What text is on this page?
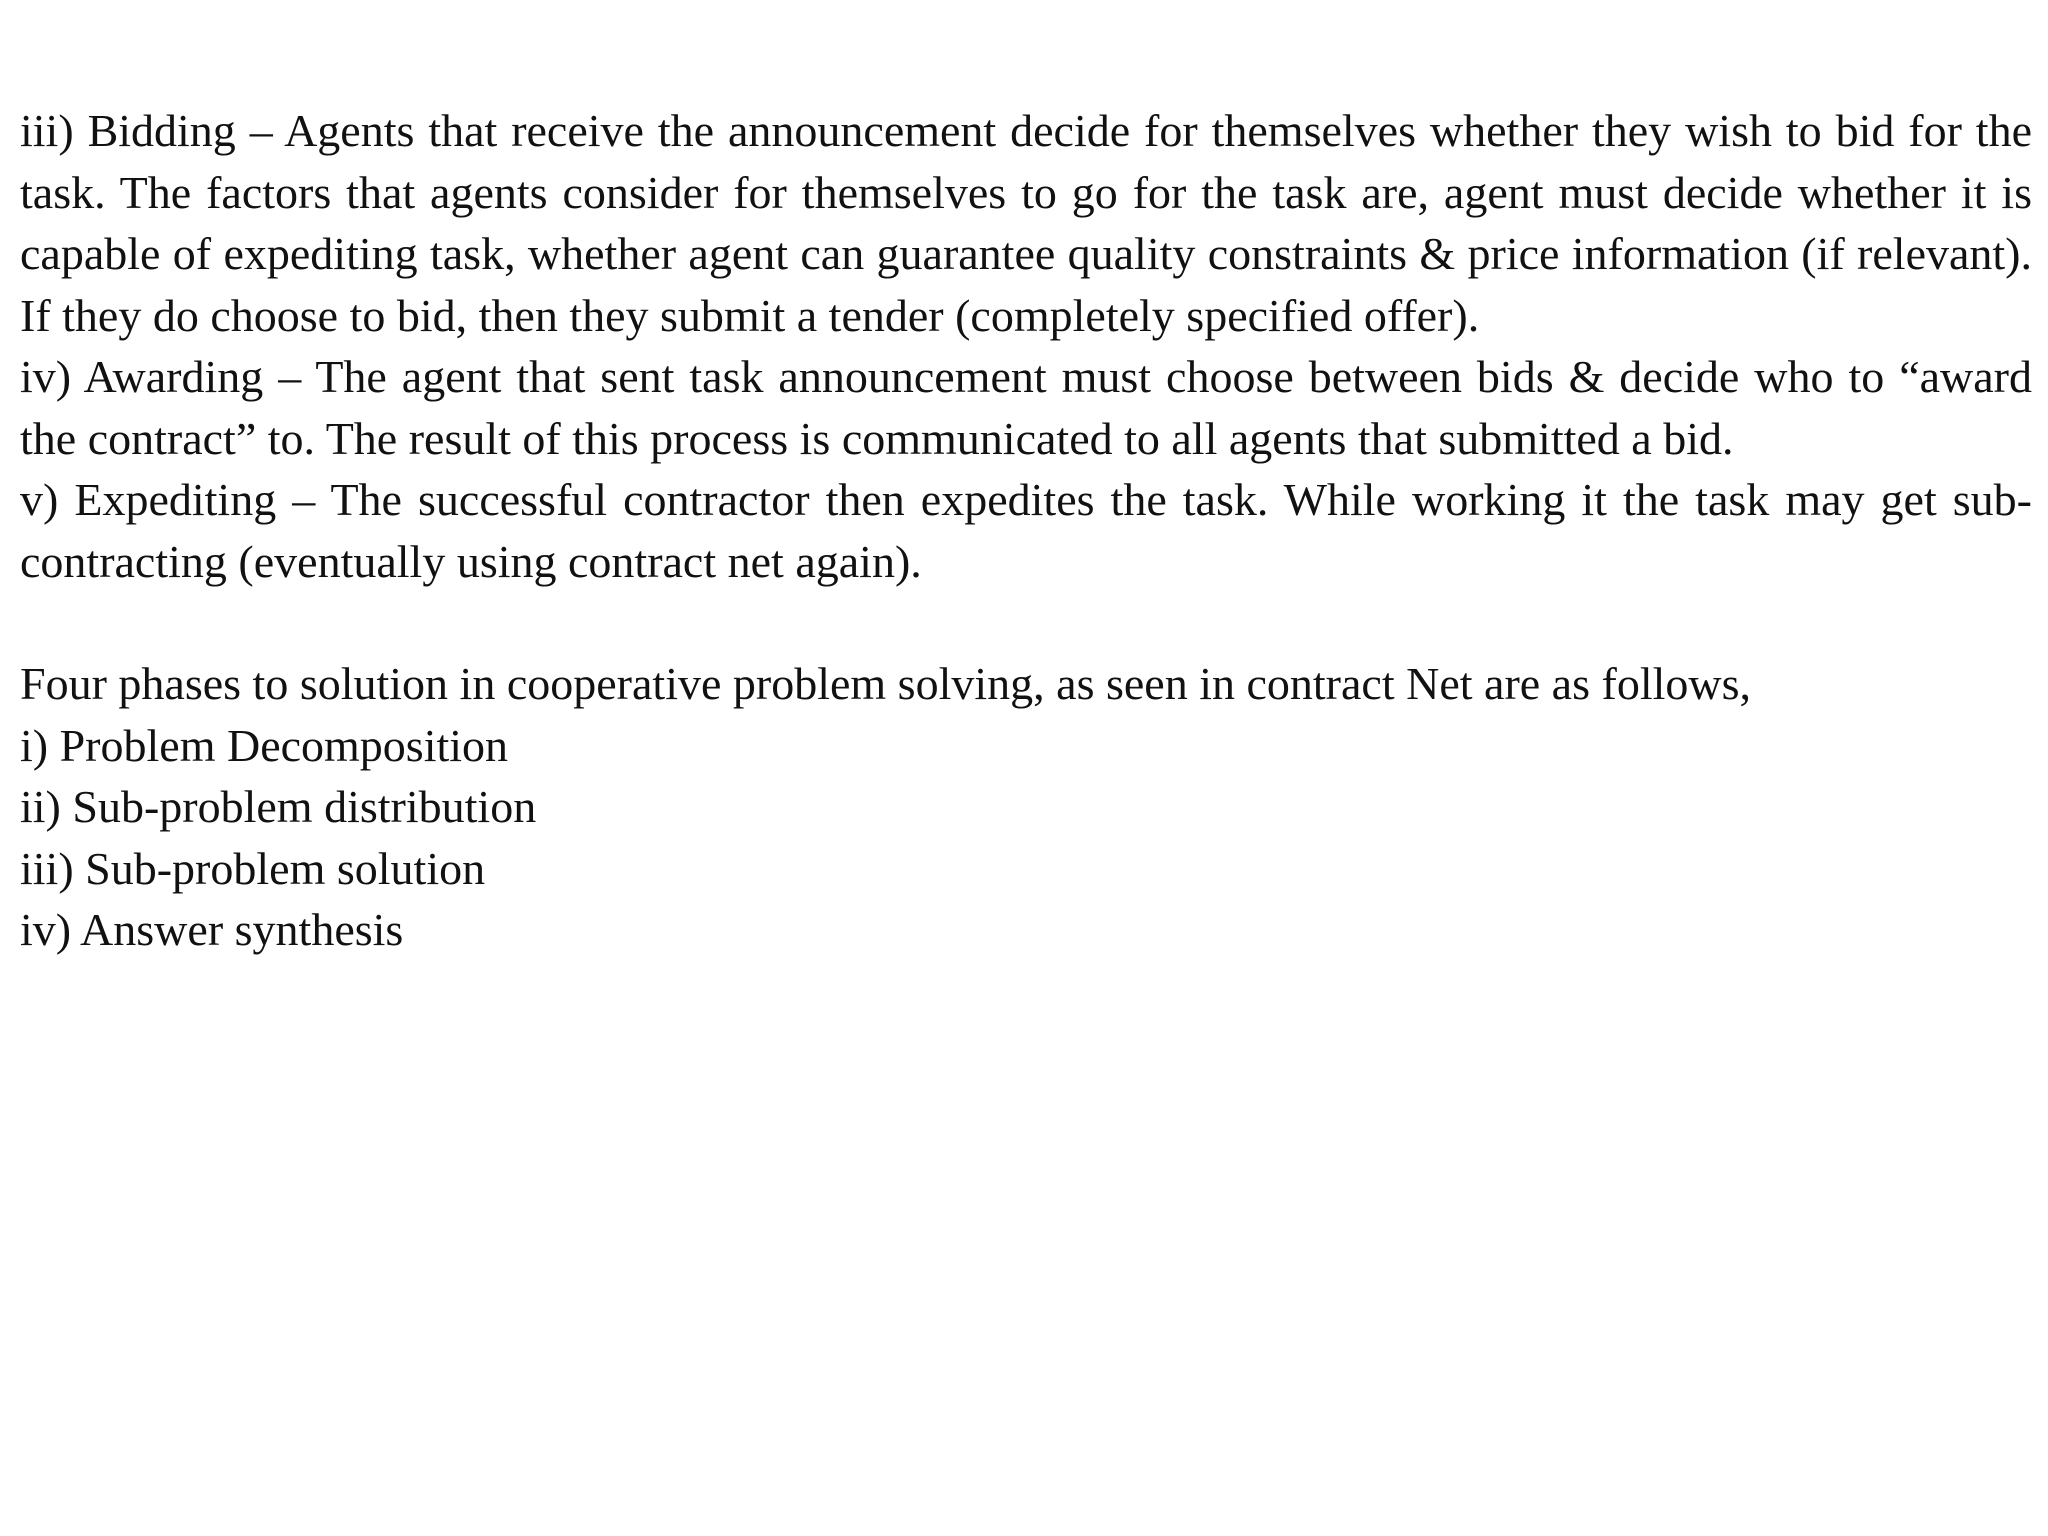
iii) Bidding – Agents that receive the announcement decide for themselves whether they wish to bid for the task. The factors that agents consider for themselves to go for the task are, agent must decide whether it is capable of expediting task, whether agent can guarantee quality constraints & price information (if relevant). If they do choose to bid, then they submit a tender (completely specified offer).

iv) Awarding – The agent that sent task announcement must choose between bids & decide who to “award the contract” to. The result of this process is communicated to all agents that submitted a bid.

v) Expediting – The successful contractor then expedites the task. While working it the task may get sub-contracting (eventually using contract net again).

Four phases to solution in cooperative problem solving, as seen in contract Net are as follows,

i) Problem Decomposition

ii) Sub-problem distribution

iii) Sub-problem solution

iv) Answer synthesis
